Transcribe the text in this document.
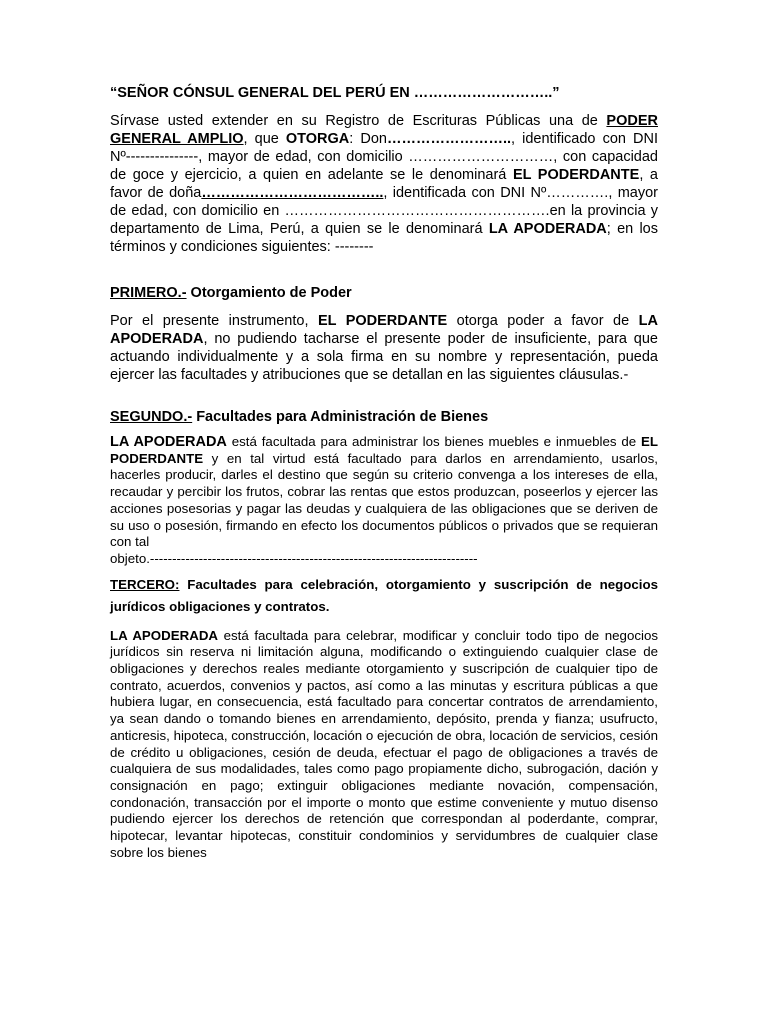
“SEÑOR CÓNSUL GENERAL DEL PERÚ EN ………………………..”

Sírvase usted extender en su Registro de Escrituras Públicas una de PODER GENERAL AMPLIO, que OTORGA: Don…………………….., identificado con DNI Nº---------------, mayor de edad, con domicilio …………………………, con capacidad de goce y ejercicio, a quien en adelante se le denominará EL PODERDANTE, a favor de doña……………………………….., identificada con DNI Nº…………., mayor de edad, con domicilio en ……………………………………………….en la provincia y departamento de Lima, Perú, a quien se le denominará LA APODERADA; en los términos y condiciones siguientes: --------

PRIMERO.- Otorgamiento de Poder

Por el presente instrumento, EL PODERDANTE otorga poder a favor de LA APODERADA, no pudiendo tacharse el presente poder de insuficiente, para que actuando individualmente y a sola firma en su nombre y representación, pueda ejercer las facultades y atribuciones que se detallan en las siguientes cláusulas.-

SEGUNDO.- Facultades para Administración de Bienes

LA APODERADA está facultada para administrar los bienes muebles e inmuebles de EL PODERDANTE y en tal virtud está facultado para darlos en arrendamiento, usarlos, hacerles producir, darles el destino que según su criterio convenga a los intereses de ella, recaudar y percibir los frutos, cobrar las rentas que estos produzcan, poseerlos y ejercer las acciones posesorias y pagar las deudas y cualquiera de las obligaciones que se deriven de su uso o posesión, firmando en efecto los documentos públicos o privados que se requieran con tal

objeto.--------------------------------------------------------------------------

TERCERO: Facultades para celebración, otorgamiento y suscripción de negocios jurídicos obligaciones y contratos.

LA APODERADA está facultada para celebrar, modificar y concluir todo tipo de negocios jurídicos sin reserva ni limitación alguna, modificando o extinguiendo cualquier clase de obligaciones y derechos reales mediante otorgamiento y suscripción de cualquier tipo de contrato, acuerdos, convenios y pactos, así como a las minutas y escritura públicas a que hubiera lugar, en consecuencia, está facultado para concertar contratos de arrendamiento, ya sean dando o tomando bienes en arrendamiento, depósito, prenda y fianza; usufructo, anticresis, hipoteca, construcción, locación o ejecución de obra, locación de servicios, cesión de crédito u obligaciones, cesión de deuda, efectuar el pago de obligaciones a través de cualquiera de sus modalidades, tales como pago propiamente dicho, subrogación, dación y consignación en pago; extinguir obligaciones mediante novación, compensación, condonación, transacción por el importe o monto que estime conveniente y mutuo disenso pudiendo ejercer los derechos de retención que correspondan al poderdante, comprar, hipotecar, levantar hipotecas, constituir condominios y servidumbres de cualquier clase sobre los bienes
